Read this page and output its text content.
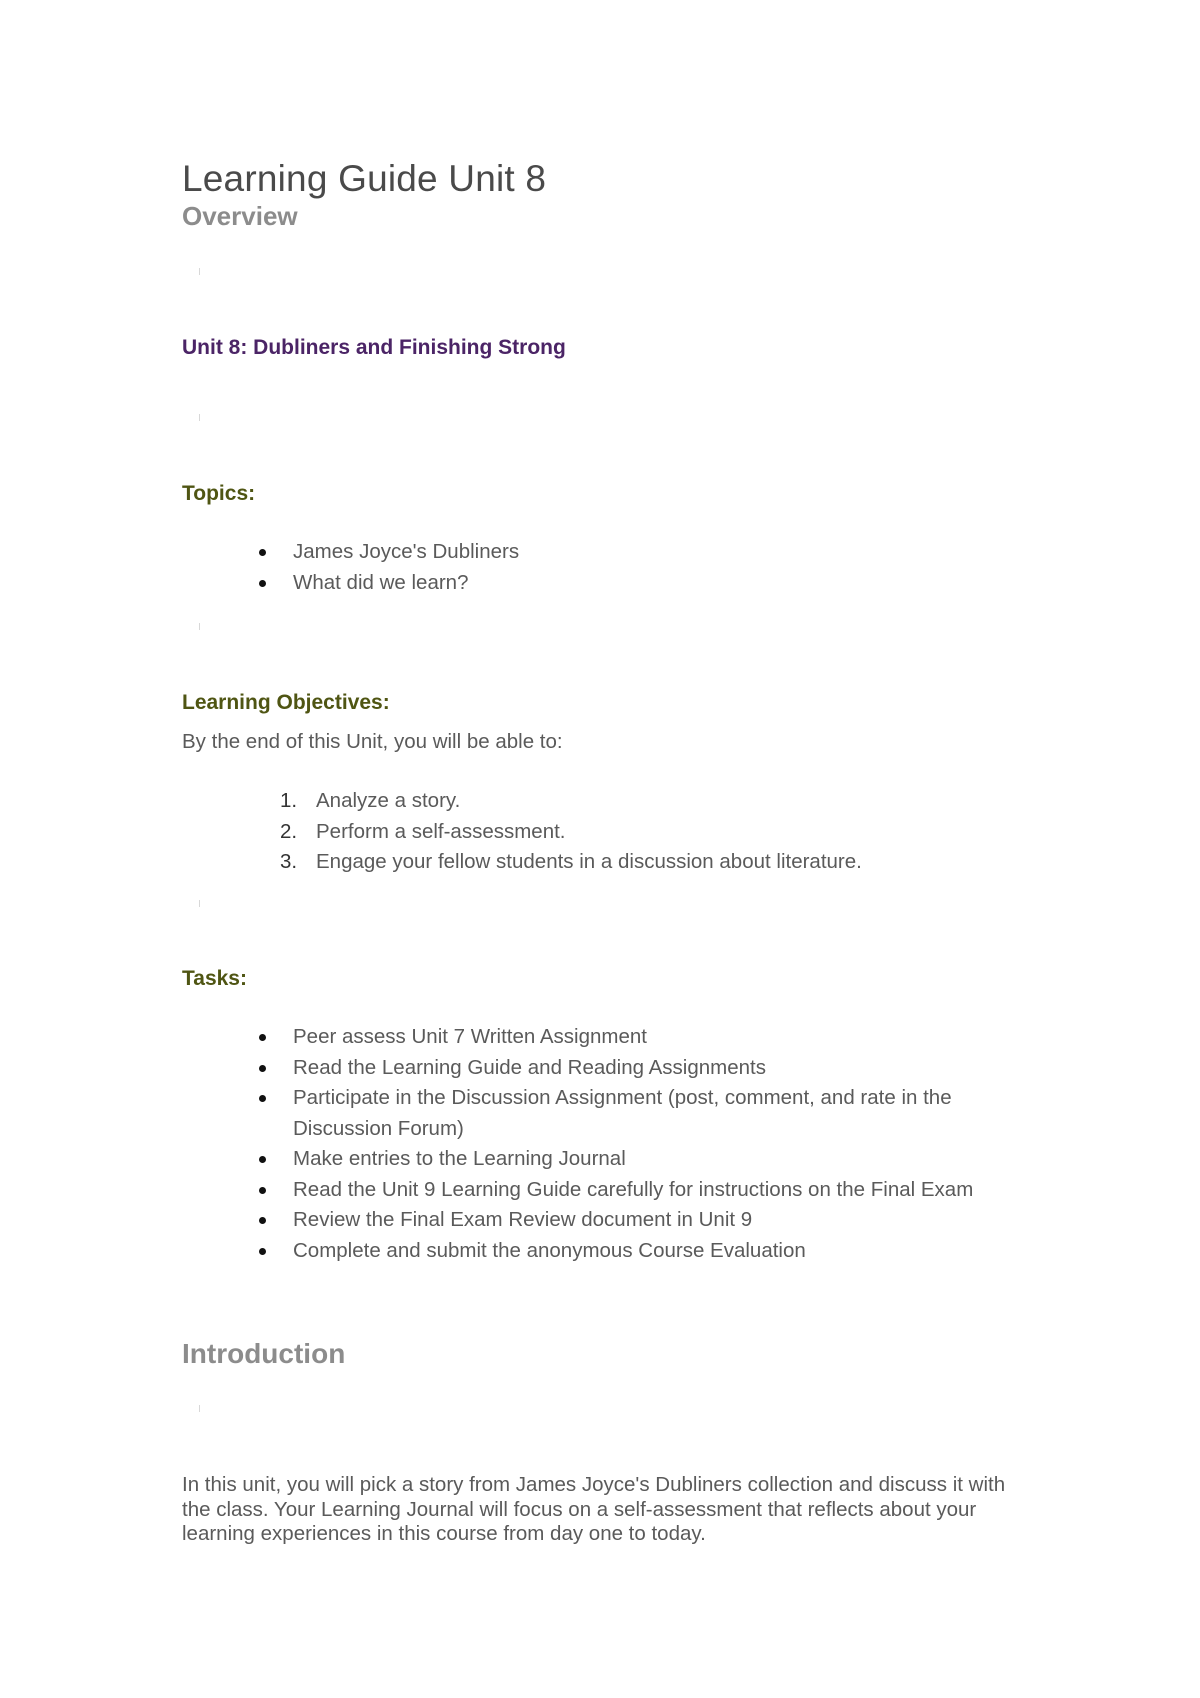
Learning Guide Unit 8
Overview
Unit 8: Dubliners and Finishing Strong
Topics:
James Joyce's Dubliners
What did we learn?
Learning Objectives:
By the end of this Unit, you will be able to:
1. Analyze a story.
2. Perform a self-assessment.
3. Engage your fellow students in a discussion about literature.
Tasks:
Peer assess Unit 7 Written Assignment
Read the Learning Guide and Reading Assignments
Participate in the Discussion Assignment (post, comment, and rate in the
Discussion Forum)
Make entries to the Learning Journal
Read the Unit 9 Learning Guide carefully for instructions on the Final Exam
Review the Final Exam Review document in Unit 9
Complete and submit the anonymous Course Evaluation
Introduction
In this unit, you will pick a story from James Joyce's Dubliners collection and discuss it with the class. Your Learning Journal will focus on a self-assessment that reflects about your learning experiences in this course from day one to today.
